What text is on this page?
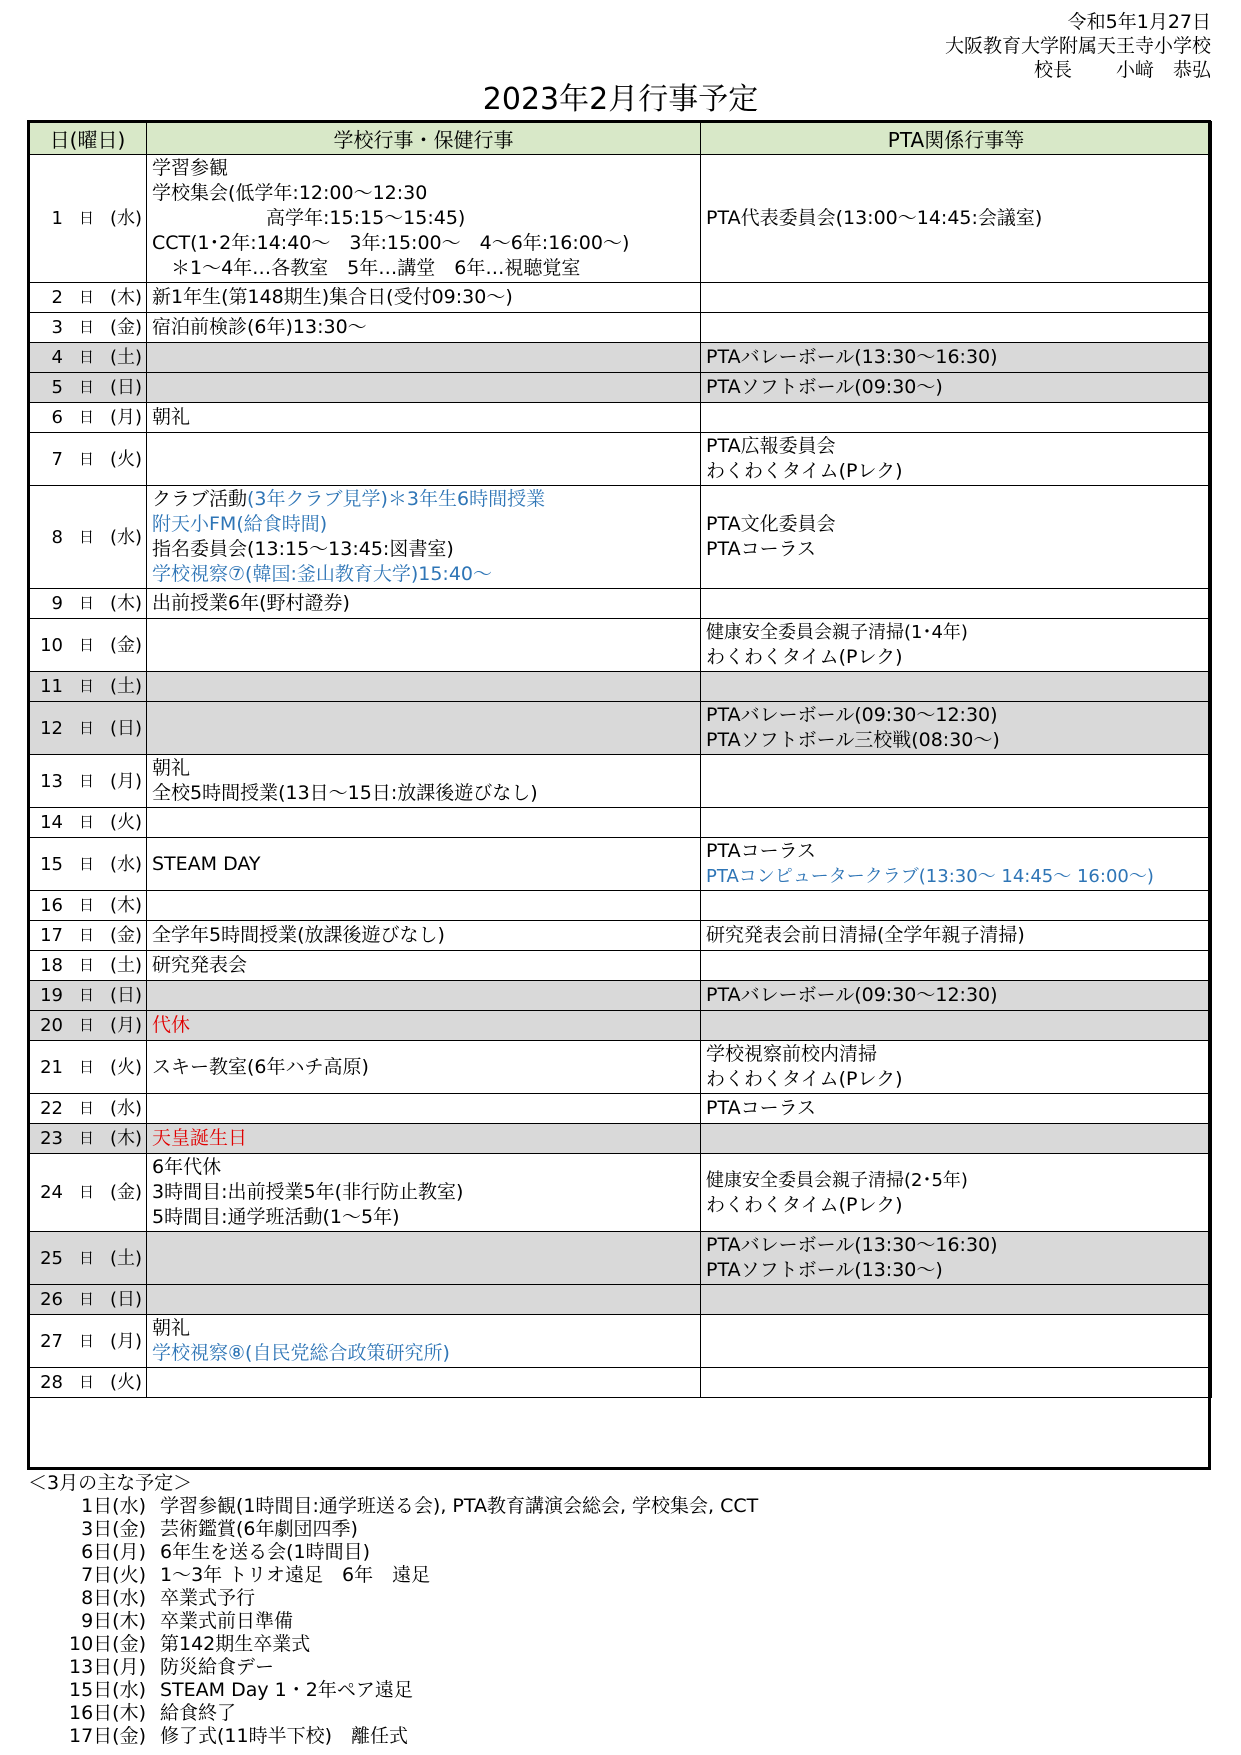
令和5年1月27日
大阪教育大学附属天王寺小学校
校長 小﨑　恭弘
2023年2月行事予定
日(曜日)	学校行事・保健行事	PTA関係行事等

1 日 (水)	学習参観
学校集会(低学年:12:00～12:30
　　　　　　高学年:15:15～15:45)
CCT(1･2年:14:40～　3年:15:00～　4～6年:16:00～)
　＊1～4年…各教室　5年…講堂　6年…視聴覚室	PTA代表委員会(13:00～14:45:会議室)

2 日 (木)	新1年生(第148期生)集合日(受付09:30～)	

3 日 (金)	宿泊前検診(6年)13:30～	

4 日 (土)		PTAバレーボール(13:30～16:30)

5 日 (日)		PTAソフトボール(09:30～)

6 日 (月)	朝礼	

7 日 (火)		PTA広報委員会
わくわくタイム(Pレク)

8 日 (水)	クラブ活動(3年クラブ見学)＊3年生6時間授業
附天小FM(給食時間)
指名委員会(13:15～13:45:図書室)
学校視察⑦(韓国:釜山教育大学)15:40～	PTA文化委員会
PTAコーラス

9 日 (木)	出前授業6年(野村證券)	

10 日 (金)		健康安全委員会親子清掃(1･4年)
わくわくタイム(Pレク)

11 日 (土)		

12 日 (日)		PTAバレーボール(09:30～12:30)
PTAソフトボール三校戦(08:30～)

13 日 (月)	朝礼
全校5時間授業(13日～15日:放課後遊びなし)	

14 日 (火)		

15 日 (水)	STEAM DAY	PTAコーラス
PTAコンピュータークラブ(13:30～ 14:45～ 16:00～)

16 日 (木)		

17 日 (金)	全学年5時間授業(放課後遊びなし)	研究発表会前日清掃(全学年親子清掃)

18 日 (土)	研究発表会	

19 日 (日)		PTAバレーボール(09:30～12:30)

20 日 (月)	代休	

21 日 (火)	スキー教室(6年ハチ高原)	学校視察前校内清掃
わくわくタイム(Pレク)

22 日 (水)		PTAコーラス

23 日 (木)	天皇誕生日	

24 日 (金)	6年代休
3時間目:出前授業5年(非行防止教室)
5時間目:通学班活動(1～5年)	健康安全委員会親子清掃(2･5年)
わくわくタイム(Pレク)

25 日 (土)		PTAバレーボール(13:30～16:30)
PTAソフトボール(13:30～)

26 日 (日)		

27 日 (月)	朝礼
学校視察⑧(自民党総合政策研究所)	

28 日 (火)		

＜3月の主な予定＞
1日(水) 学習参観(1時間目:通学班送る会), PTA教育講演会総会, 学校集会, CCT
3日(金) 芸術鑑賞(6年劇団四季)
6日(月) 6年生を送る会(1時間目)
7日(火) 1～3年 トリオ遠足　6年　遠足
8日(水) 卒業式予行
9日(木) 卒業式前日準備
10日(金) 第142期生卒業式
13日(月) 防災給食デー
15日(水) STEAM Day 1・2年ペア遠足
16日(木) 給食終了
17日(金) 修了式(11時半下校)　離任式
